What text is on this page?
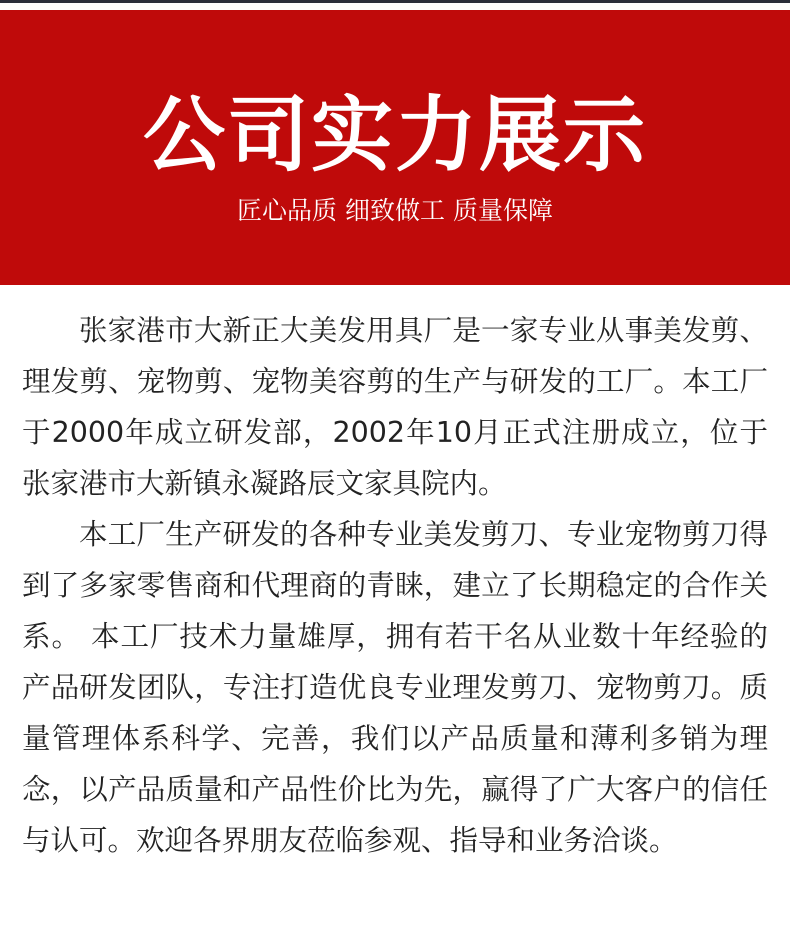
公司实力展示
匠心品质 细致做工 质量保障

张家港市大新正大美发用具厂是一家专业从事美发剪、理发剪、宠物剪、宠物美容剪的生产与研发的工厂。本工厂于2000年成立研发部，2002年10月正式注册成立，位于张家港市大新镇永凝路辰文家具院内。

本工厂生产研发的各种专业美发剪刀、专业宠物剪刀得到了多家零售商和代理商的青睐，建立了长期稳定的合作关系。 本工厂技术力量雄厚，拥有若干名从业数十年经验的产品研发团队，专注打造优良专业理发剪刀、宠物剪刀。质量管理体系科学、完善，我们以产品质量和薄利多销为理念，以产品质量和产品性价比为先，赢得了广大客户的信任与认可。欢迎各界朋友莅临参观、指导和业务洽谈。
